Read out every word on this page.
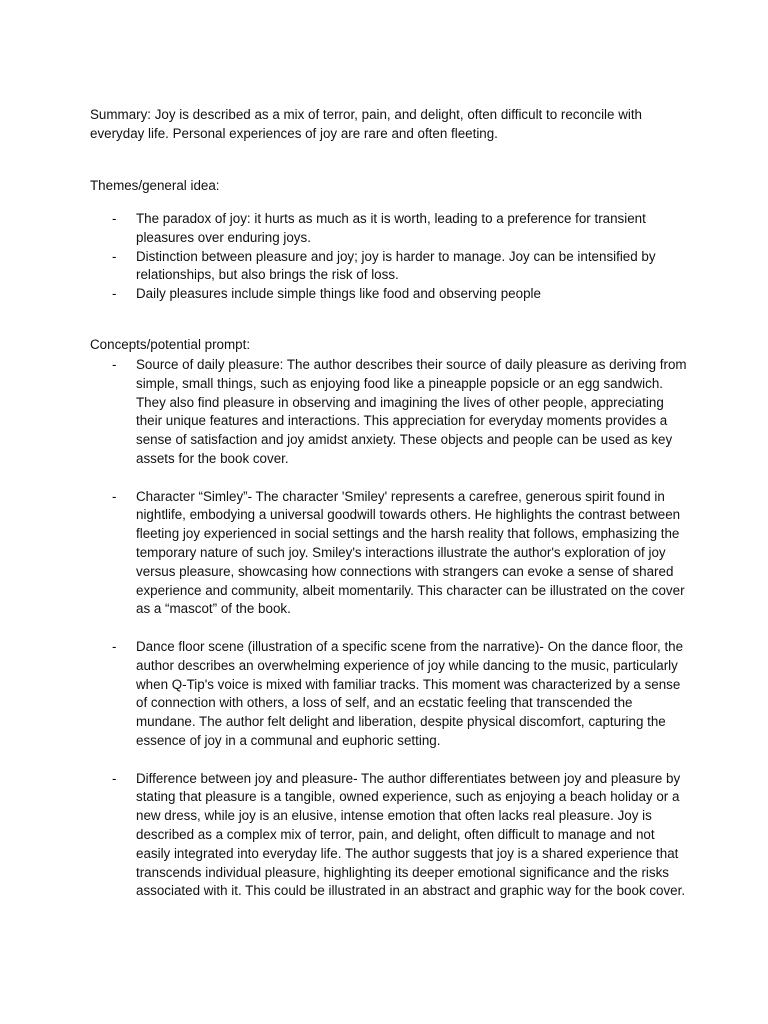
Summary: Joy is described as a mix of terror, pain, and delight, often difficult to reconcile with everyday life. Personal experiences of joy are rare and often fleeting.

Themes/general idea:

- The paradox of joy: it hurts as much as it is worth, leading to a preference for transient pleasures over enduring joys.
- Distinction between pleasure and joy; joy is harder to manage. Joy can be intensified by relationships, but also brings the risk of loss.
- Daily pleasures include simple things like food and observing people

Concepts/potential prompt:

- Source of daily pleasure: The author describes their source of daily pleasure as deriving from simple, small things, such as enjoying food like a pineapple popsicle or an egg sandwich. They also find pleasure in observing and imagining the lives of other people, appreciating their unique features and interactions. This appreciation for everyday moments provides a sense of satisfaction and joy amidst anxiety. These objects and people can be used as key assets for the book cover.
- Character “Simley”- The character 'Smiley' represents a carefree, generous spirit found in nightlife, embodying a universal goodwill towards others. He highlights the contrast between fleeting joy experienced in social settings and the harsh reality that follows, emphasizing the temporary nature of such joy. Smiley's interactions illustrate the author's exploration of joy versus pleasure, showcasing how connections with strangers can evoke a sense of shared experience and community, albeit momentarily. This character can be illustrated on the cover as a “mascot” of the book.
- Dance floor scene (illustration of a specific scene from the narrative)- On the dance floor, the author describes an overwhelming experience of joy while dancing to the music, particularly when Q-Tip's voice is mixed with familiar tracks. This moment was characterized by a sense of connection with others, a loss of self, and an ecstatic feeling that transcended the mundane. The author felt delight and liberation, despite physical discomfort, capturing the essence of joy in a communal and euphoric setting.
- Difference between joy and pleasure- The author differentiates between joy and pleasure by stating that pleasure is a tangible, owned experience, such as enjoying a beach holiday or a new dress, while joy is an elusive, intense emotion that often lacks real pleasure. Joy is described as a complex mix of terror, pain, and delight, often difficult to manage and not easily integrated into everyday life. The author suggests that joy is a shared experience that transcends individual pleasure, highlighting its deeper emotional significance and the risks associated with it. This could be illustrated in an abstract and graphic way for the book cover.
